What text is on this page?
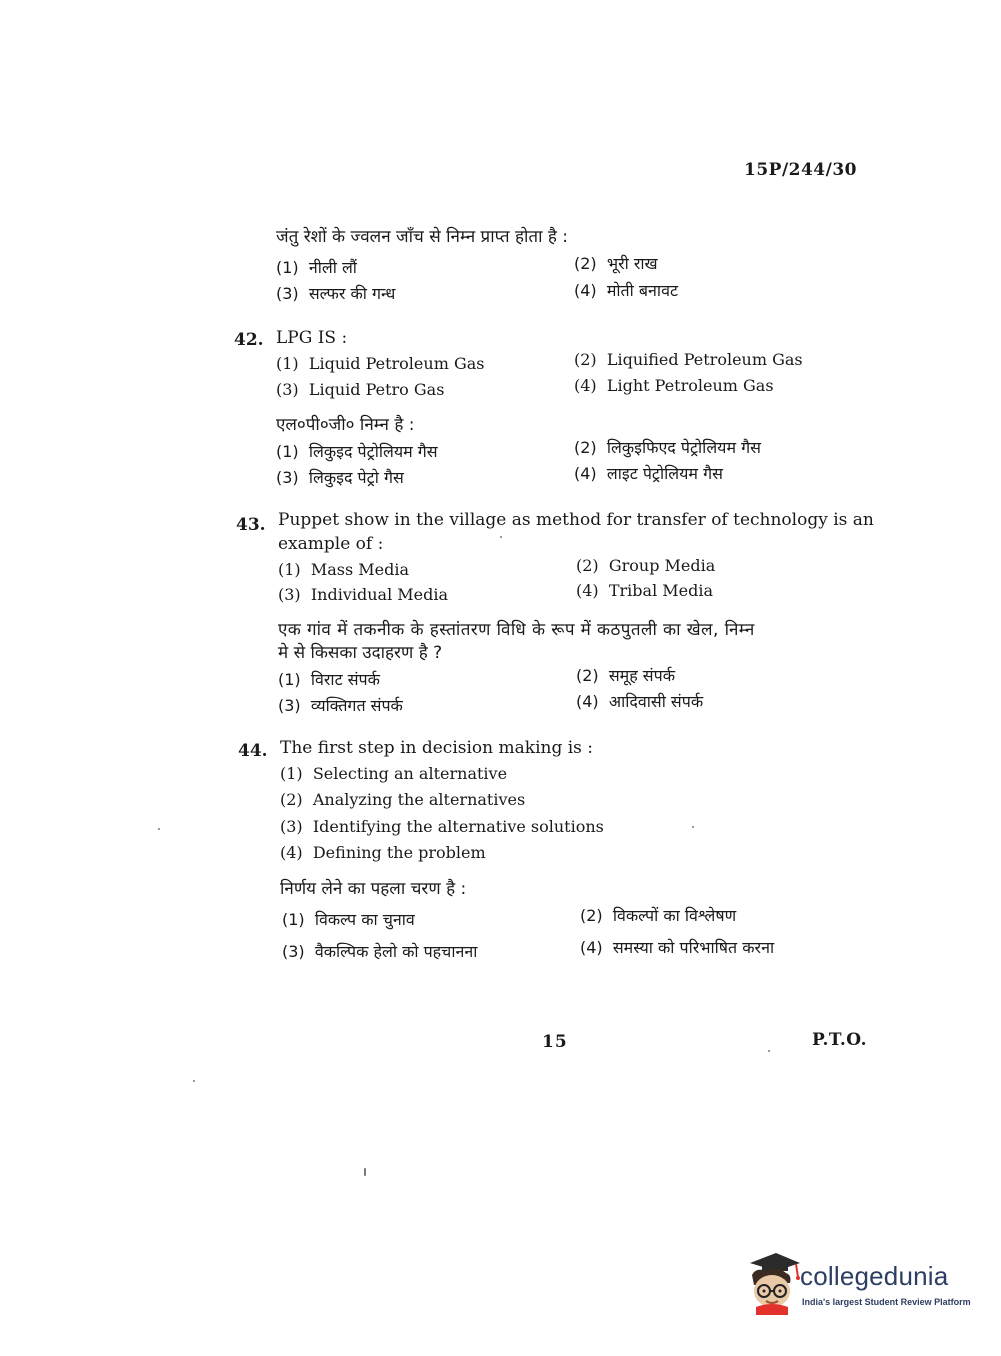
15P/244/30
जंतु रेशों के ज्वलन जाँच से निम्न प्राप्त होता है :
(1) नीली लौं	(2) भूरी राख
(3) सल्फर की गन्ध	(4) मोती बनावट
42. LPG IS :
(1) Liquid Petroleum Gas	(2) Liquified Petroleum Gas
(3) Liquid Petro Gas	(4) Light Petroleum Gas
एल०पी०जी० निम्न है :
(1) लिकुइद पेट्रोलियम गैस	(2) लिकुइफिएद पेट्रोलियम गैस
(3) लिकुइद पेट्रो गैस	(4) लाइट पेट्रोलियम गैस
43. Puppet show in the village as method for transfer of technology is an
example of :
(1) Mass Media	(2) Group Media
(3) Individual Media	(4) Tribal Media
एक गांव में तकनीक के हस्तांतरण विधि के रूप में कठपुतली का खेल, निम्न
मे से किसका उदाहरण है ?
(1) विराट संपर्क	(2) समूह संपर्क
(3) व्यक्तिगत संपर्क	(4) आदिवासी संपर्क
44. The first step in decision making is :
(1) Selecting an alternative
(2) Analyzing the alternatives
(3) Identifying the alternative solutions
(4) Defining the problem
निर्णय लेने का पहला चरण है :
(1) विकल्प का चुनाव	(2) विकल्पों का विश्लेषण
(3) वैकल्पिक हेलो को पहचानना	(4) समस्या को परिभाषित करना
15	P.T.O.
collegedunia
India's largest Student Review Platform
